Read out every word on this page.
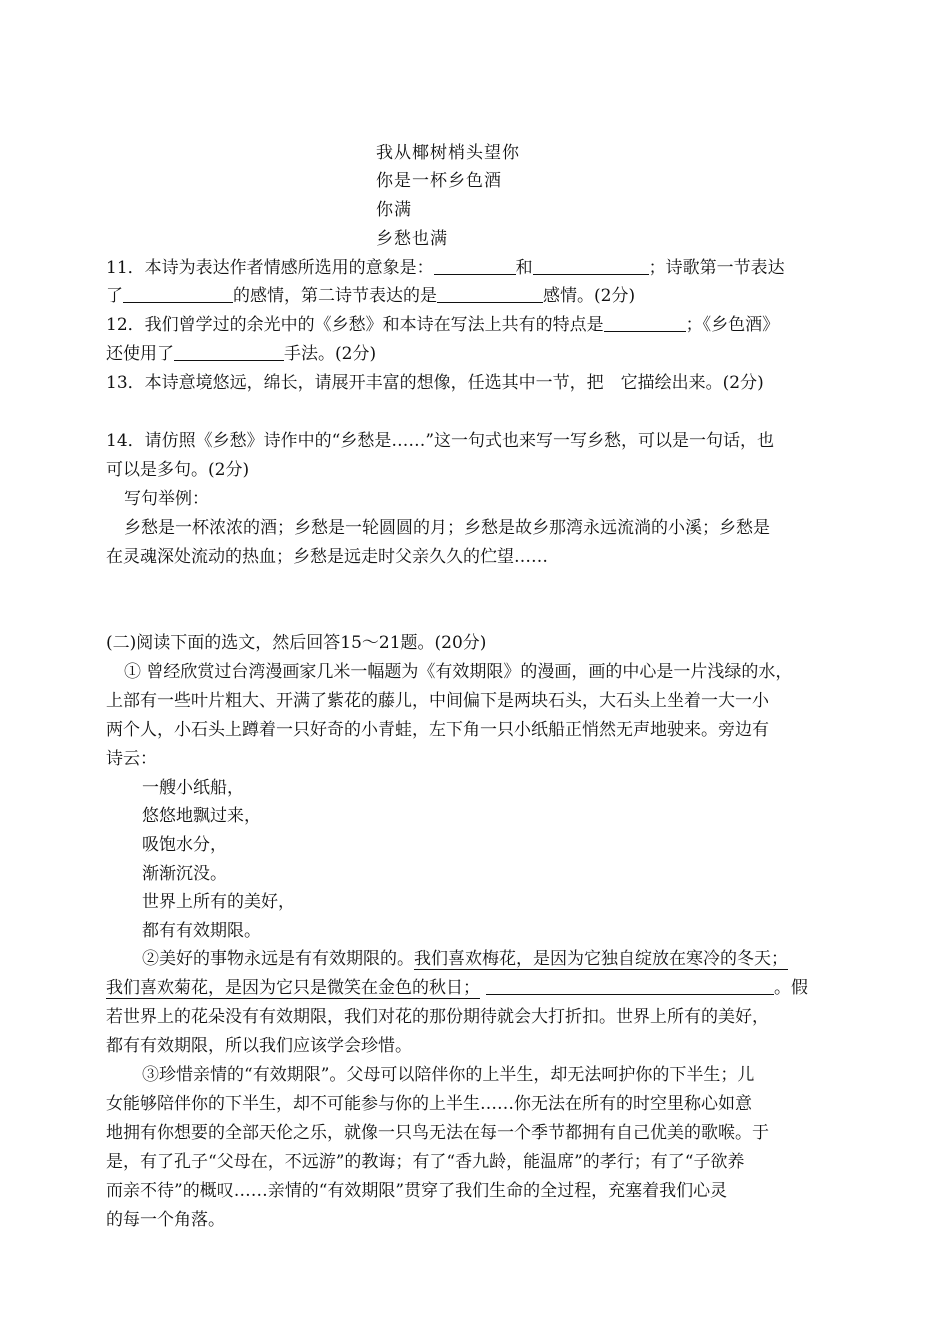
我从椰树梢头望你
你是一杯乡色酒
你满
乡愁也满
11．本诗为表达作者情感所选用的意象是：	和	；诗歌第一节表达
了	的感情，第二诗节表达的是	感情。(2分)
12．我们曾学过的余光中的《乡愁》和本诗在写法上共有的特点是	；《乡色酒》
还使用了	手法。(2分)
13．本诗意境悠远，绵长，请展开丰富的想像，任选其中一节，把　它描绘出来。(2分)
14．请仿照《乡愁》诗作中的“乡愁是……”这一句式也来写一写乡愁，可以是一句话，也
可以是多句。(2分)
写句举例：
乡愁是一杯浓浓的酒；乡愁是一轮圆圆的月；乡愁是故乡那湾永远流淌的小溪；乡愁是
在灵魂深处流动的热血；乡愁是远走时父亲久久的伫望……
(二)阅读下面的选文，然后回答15～21题。(20分)
① 曾经欣赏过台湾漫画家几米一幅题为《有效期限》的漫画，画的中心是一片浅绿的水，
上部有一些叶片粗大、开满了紫花的藤儿，中间偏下是两块石头，大石头上坐着一大一小
两个人，小石头上蹲着一只好奇的小青蛙，左下角一只小纸船正悄然无声地驶来。旁边有
诗云：
一艘小纸船，
悠悠地飘过来，
吸饱水分，
渐渐沉没。
世界上所有的美好，
都有有效期限。
②美好的事物永远是有有效期限的。我们喜欢梅花，是因为它独自绽放在寒冷的冬天；
我们喜欢菊花，是因为它只是微笑在金色的秋日；	。假
若世界上的花朵没有有效期限，我们对花的那份期待就会大打折扣。世界上所有的美好，
都有有效期限，所以我们应该学会珍惜。
③珍惜亲情的“有效期限”。父母可以陪伴你的上半生，却无法呵护你的下半生；儿
女能够陪伴你的下半生，却不可能参与你的上半生……你无法在所有的时空里称心如意
地拥有你想要的全部天伦之乐，就像一只鸟无法在每一个季节都拥有自己优美的歌喉。于
是，有了孔子“父母在，不远游”的教诲；有了“香九龄，能温席”的孝行；有了“子欲养
而亲不待”的概叹……亲情的“有效期限”贯穿了我们生命的全过程，充塞着我们心灵
的每一个角落。
